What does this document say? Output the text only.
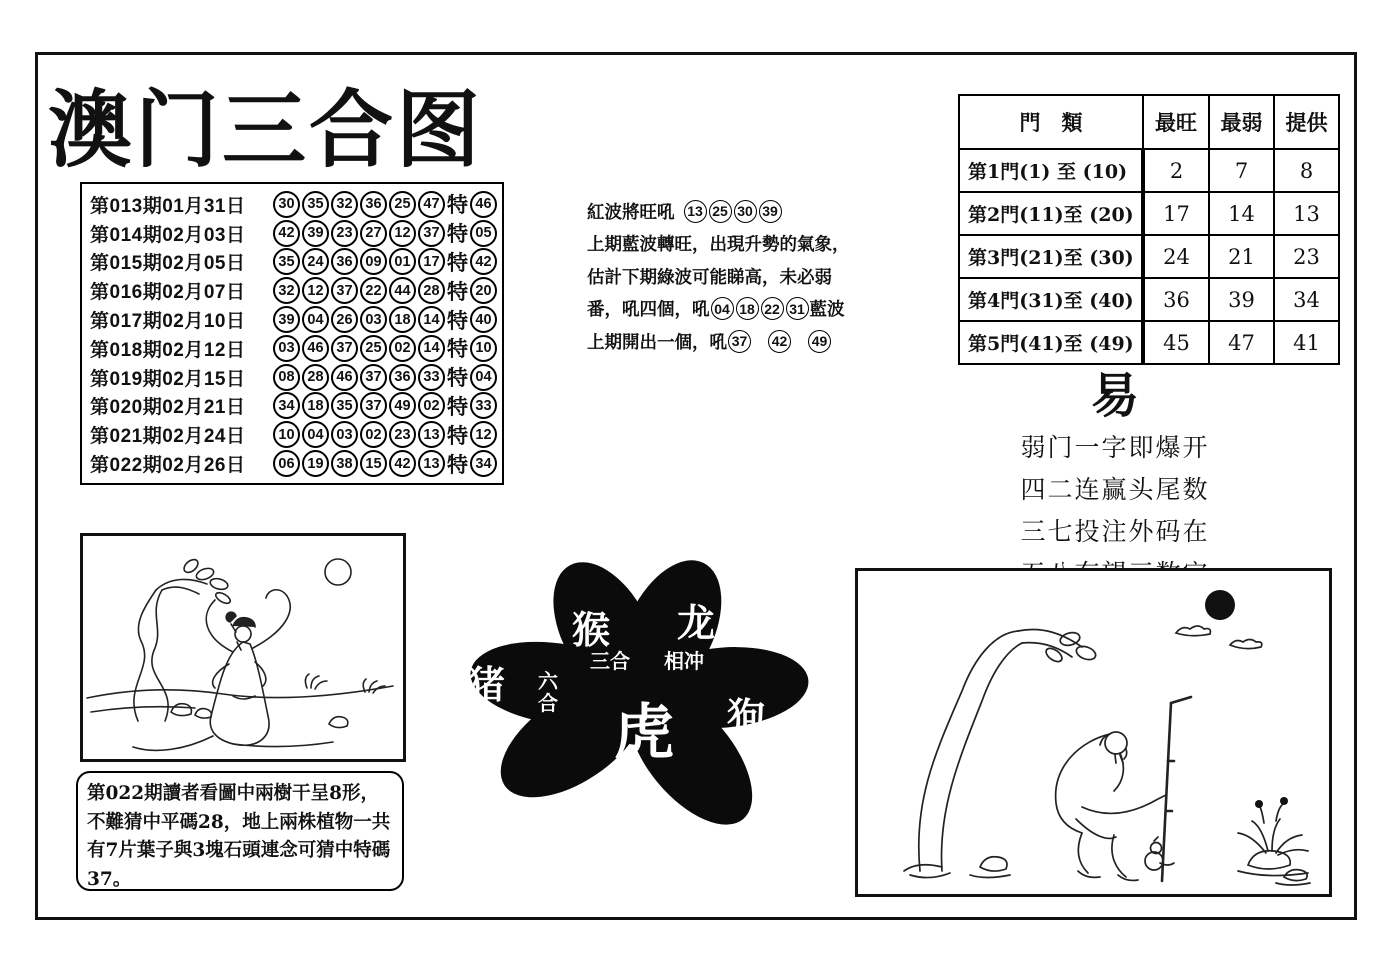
澳门三合图
第013期01月31日	30 35 32 36 25 47 特 46
第014期02月03日	42 39 23 27 12 37 特 05
第015期02月05日	35 24 36 09 01 17 特 42
第016期02月07日	32 12 37 22 44 28 特 20
第017期02月10日	39 04 26 03 18 14 特 40
第018期02月12日	03 46 37 25 02 14 特 10
第019期02月15日	08 28 46 37 36 33 特 04
第020期02月21日	34 18 35 37 49 02 特 33
第021期02月24日	10 04 03 02 23 13 特 12
第022期02月26日	06 19 38 15 42 13 特 34
紅波將旺吼 13 25 30 39
上期藍波轉旺，出現升勢的氣象，
估計下期綠波可能睇高，未必弱
番，吼四個，吼 04 18 22 31 藍波
上期開出一個，吼 37 42 49
門　類	最旺	最弱	提供
第1門(1) 至 (10)	2	7	8
第2門(11)至 (20)	17	14	13
第3門(21)至 (30)	24	21	23
第4門(31)至 (40)	36	39	34
第5門(41)至 (49)	45	47	41
易
弱门一字即爆开
四二连赢头尾数
三七投注外码在
猴 龙
猪
狗
三合 相冲
六
合 虎
第022期讀者看圖中兩樹干呈8形，不難猜中平碼28，地上兩株植物一共有7片葉子與3塊石頭連念可猜中特碼37。
